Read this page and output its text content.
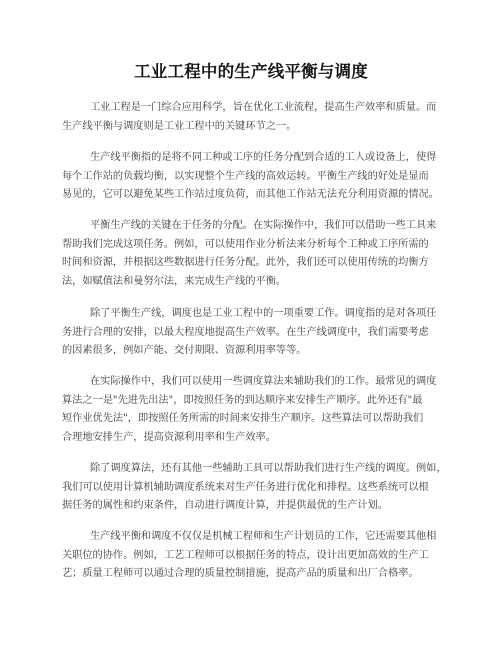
工业工程中的生产线平衡与调度

工业工程是一门综合应用科学，旨在优化工业流程，提高生产效率和质量。而
生产线平衡与调度则是工业工程中的关键环节之一。

生产线平衡指的是将不同工种或工序的任务分配到合适的工人或设备上，使得
每个工作站的负载均衡，以实现整个生产线的高效运转。平衡生产线的好处是显而
易见的，它可以避免某些工作站过度负荷，而其他工作站无法充分利用资源的情况。

平衡生产线的关键在于任务的分配。在实际操作中，我们可以借助一些工具来
帮助我们完成这项任务。例如，可以使用作业分析法来分析每个工种或工序所需的
时间和资源，并根据这些数据进行任务分配。此外，我们还可以使用传统的均衡方
法，如赋值法和曼努尔法，来完成生产线的平衡。

除了平衡生产线，调度也是工业工程中的一项重要工作。调度指的是对各项任
务进行合理的安排，以最大程度地提高生产效率。在生产线调度中，我们需要考虑
的因素很多，例如产能、交付期限、资源利用率等等。

在实际操作中，我们可以使用一些调度算法来辅助我们的工作。最常见的调度
算法之一是"先进先出法"，即按照任务的到达顺序来安排生产顺序。此外还有"最
短作业优先法"，即按照任务所需的时间来安排生产顺序。这些算法可以帮助我们
合理地安排生产，提高资源利用率和生产效率。

除了调度算法，还有其他一些辅助工具可以帮助我们进行生产线的调度。例如，
我们可以使用计算机辅助调度系统来对生产任务进行优化和排程。这些系统可以根
据任务的属性和约束条件，自动进行调度计算，并提供最优的生产计划。

生产线平衡和调度不仅仅是机械工程师和生产计划员的工作，它还需要其他相
关职位的协作。例如，工艺工程师可以根据任务的特点，设计出更加高效的生产工
艺；质量工程师可以通过合理的质量控制措施，提高产品的质量和出厂合格率。
